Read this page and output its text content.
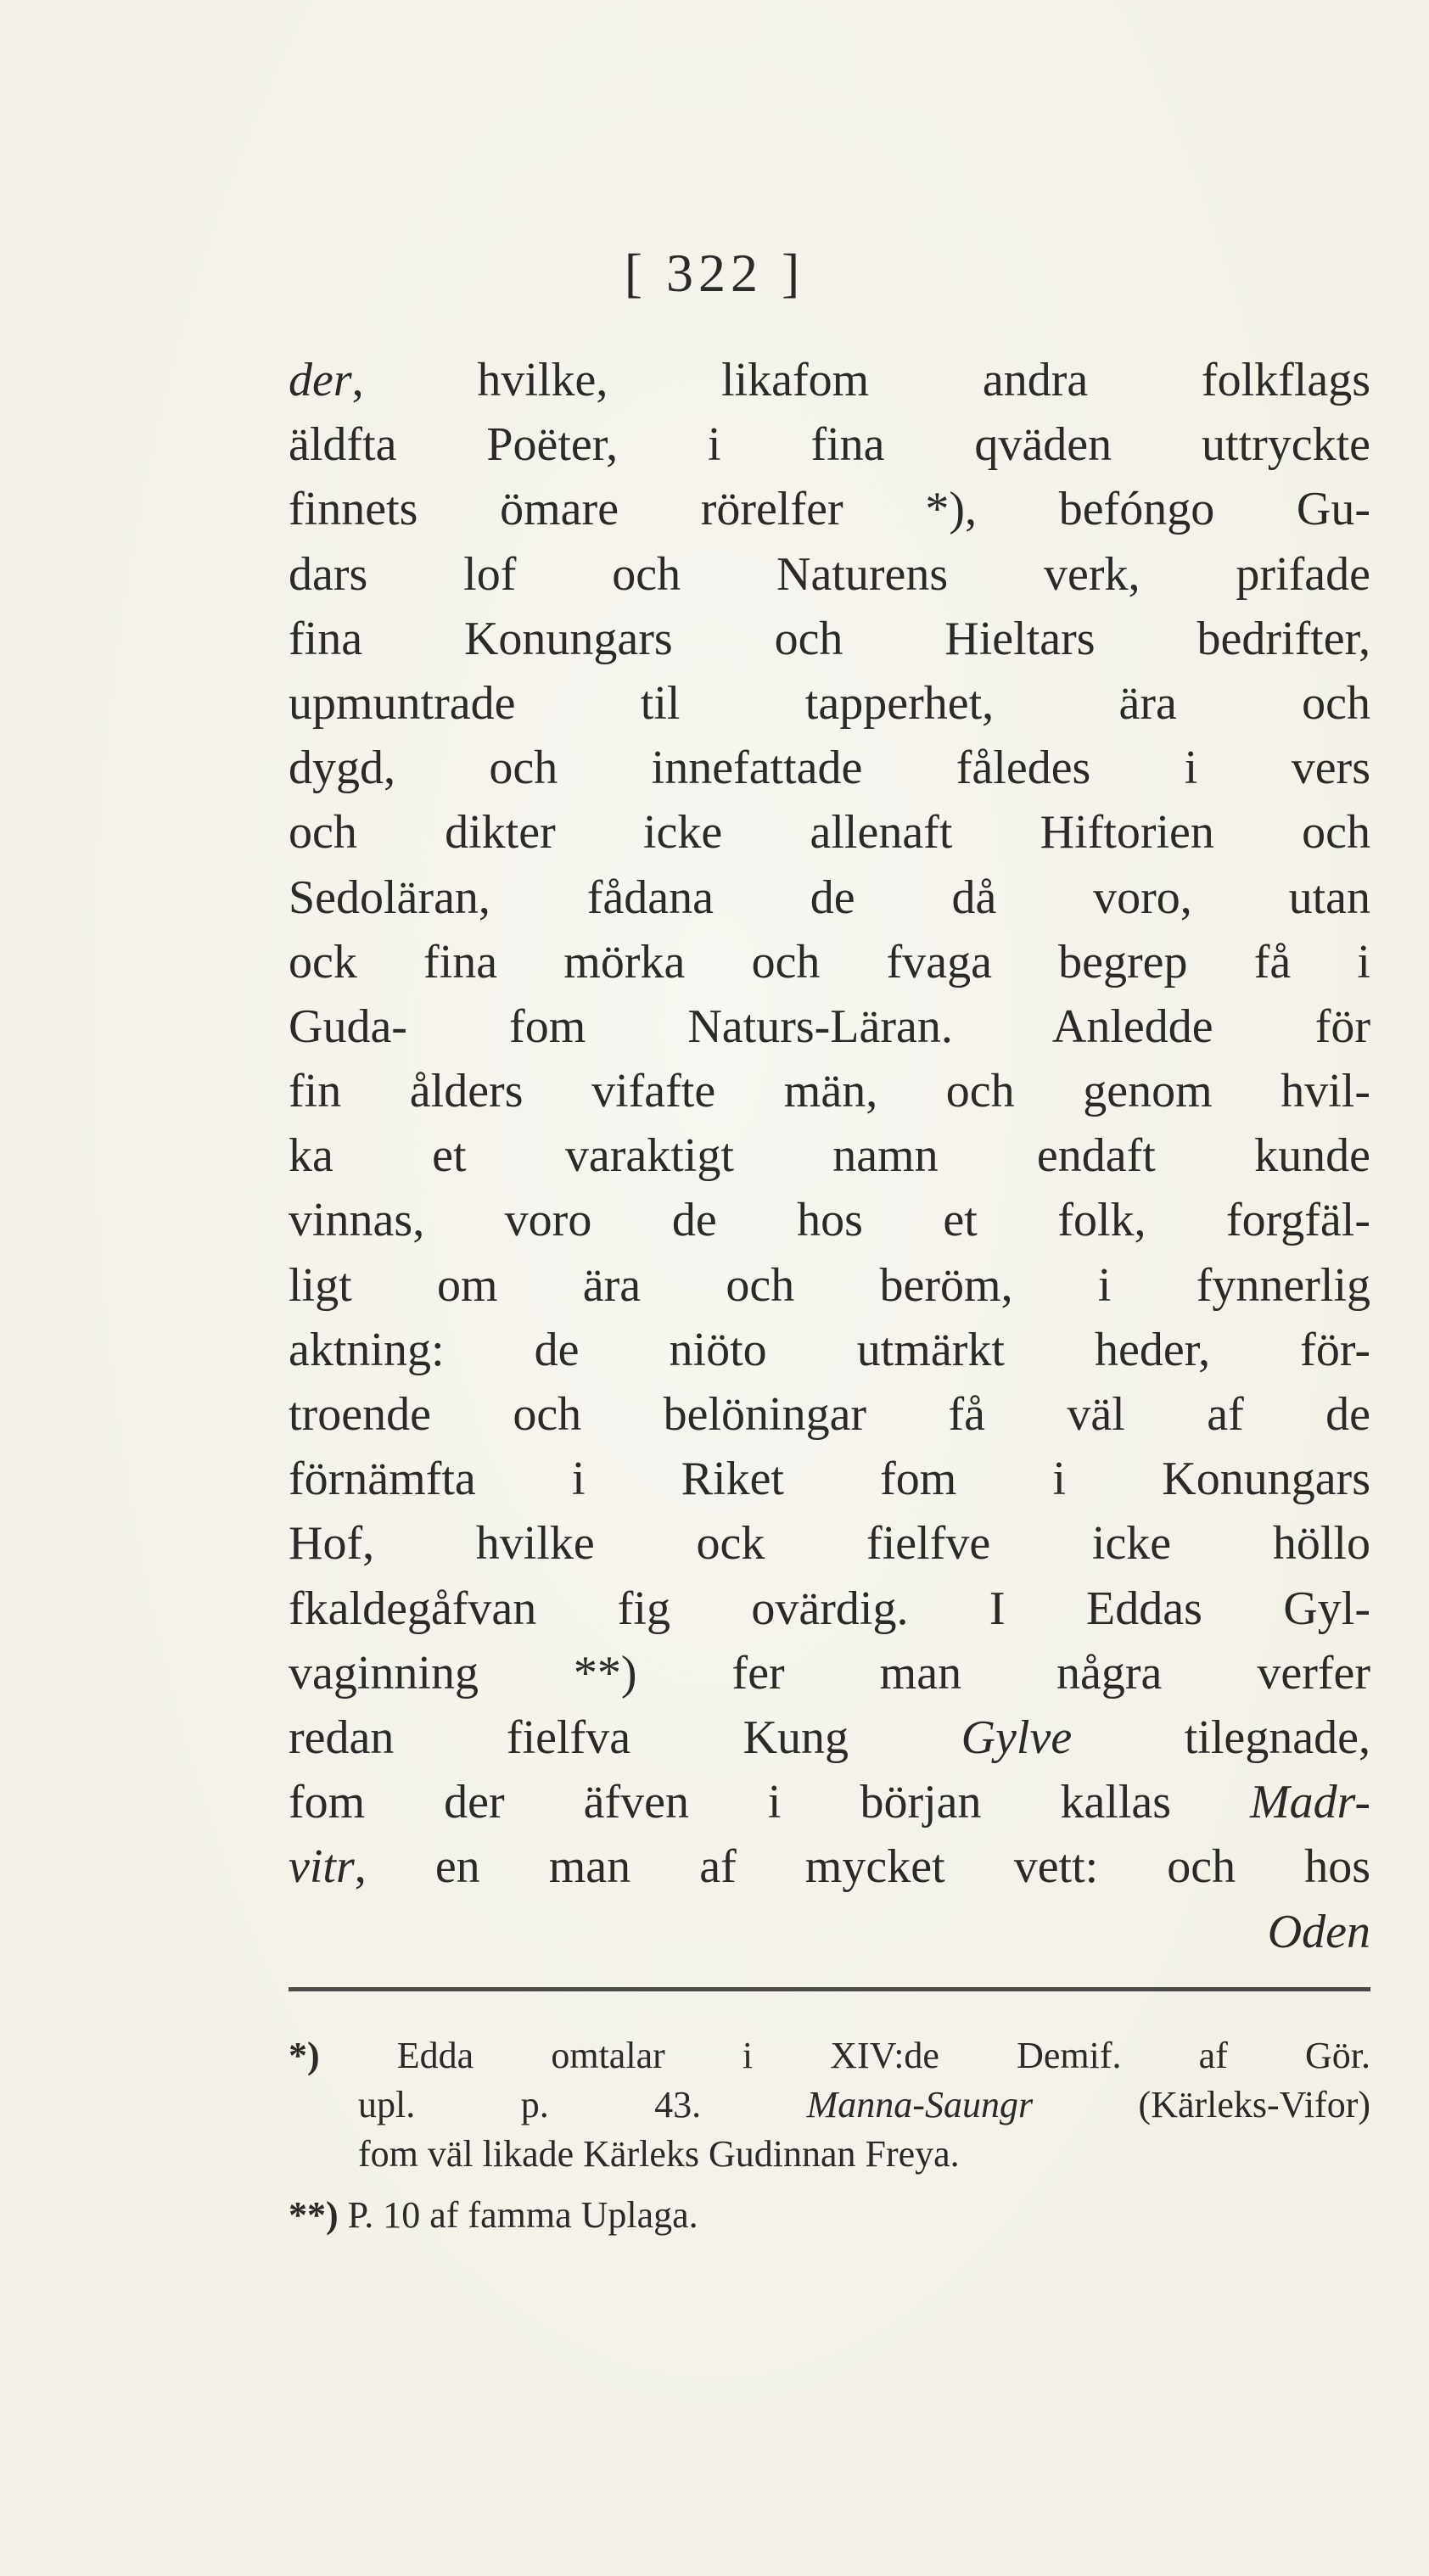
[ 322 ]
der, hvilke, likafom andra folkflags
äldfta Poëter, i fina qväden uttryckte
finnets ömare rörelfer *), befóngo Gu-
dars lof och Naturens verk, prifade
fina Konungars och Hieltars bedrifter,
upmuntrade til tapperhet, ära och
dygd, och innefattade fåledes i vers
och dikter icke allenaft Hiftorien och
Sedoläran, fådana de då voro, utan
ock fina mörka och fvaga begrep få i
Guda- fom Naturs-Läran. Anledde för
fin ålders vifafte män, och genom hvil-
ka et varaktigt namn endaft kunde
vinnas, voro de hos et folk, forgfäl-
ligt om ära och beröm, i fynnerlig
aktning: de niöto utmärkt heder, för-
troende och belöningar få väl af de
förnämfta i Riket fom i Konungars
Hof, hvilke ock fielfve icke höllo
fkaldegåfvan fig ovärdig. I Eddas Gyl-
vaginning **) fer man några verfer
redan fielfva Kung Gylve tilegnade,
fom der äfven i början kallas Madr-
vitr, en man af mycket vett: och hos
Oden
*) Edda omtalar i XIV:de Demif. af Gör.
upl. p. 43. Manna-Saungr (Kärleks-Vifor)
fom väl likade Kärleks Gudinnan Freya.
**) P. 10 af famma Uplaga.
